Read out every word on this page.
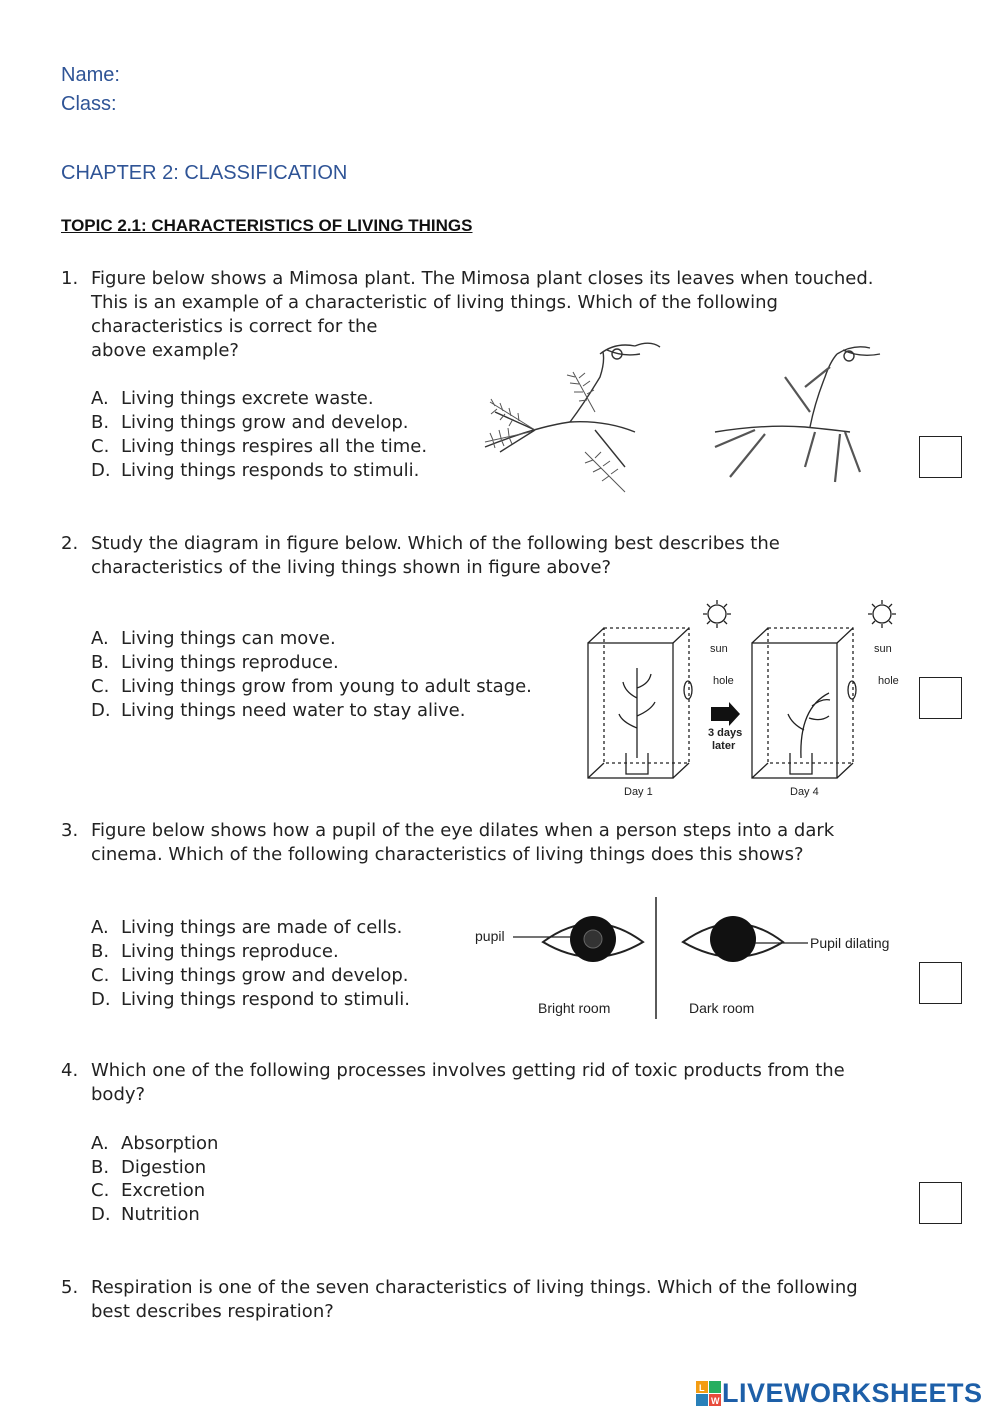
Name:
Class:
CHAPTER 2: CLASSIFICATION
TOPIC 2.1: CHARACTERISTICS OF LIVING THINGS
1. Figure below shows a Mimosa plant. The Mimosa plant closes its leaves when touched.
This is an example of a characteristic of living things. Which of the following
characteristics is correct for the
above example?
A. Living things excrete waste.
B. Living things grow and develop.
C. Living things respires all the time.
D. Living things responds to stimuli.
2. Study the diagram in figure below. Which of the following best describes the
characteristics of the living things shown in figure above?
A. Living things can move.
B. Living things reproduce.
C. Living things grow from young to adult stage.
D. Living things need water to stay alive.
sun
hole
3 days
later
sun
hole
Day 1	Day 4
3. Figure below shows how a pupil of the eye dilates when a person steps into a dark
cinema. Which of the following characteristics of living things does this shows?
A. Living things are made of cells.
B. Living things reproduce.
C. Living things grow and develop.
D. Living things respond to stimuli.
pupil	Pupil dilating
Bright room	Dark room
4. Which one of the following processes involves getting rid of toxic products from the
body?
A. Absorption
B. Digestion
C. Excretion
D. Nutrition
5. Respiration is one of the seven characteristics of living things. Which of the following
best describes respiration?
L
W LIVEWORKSHEETS
